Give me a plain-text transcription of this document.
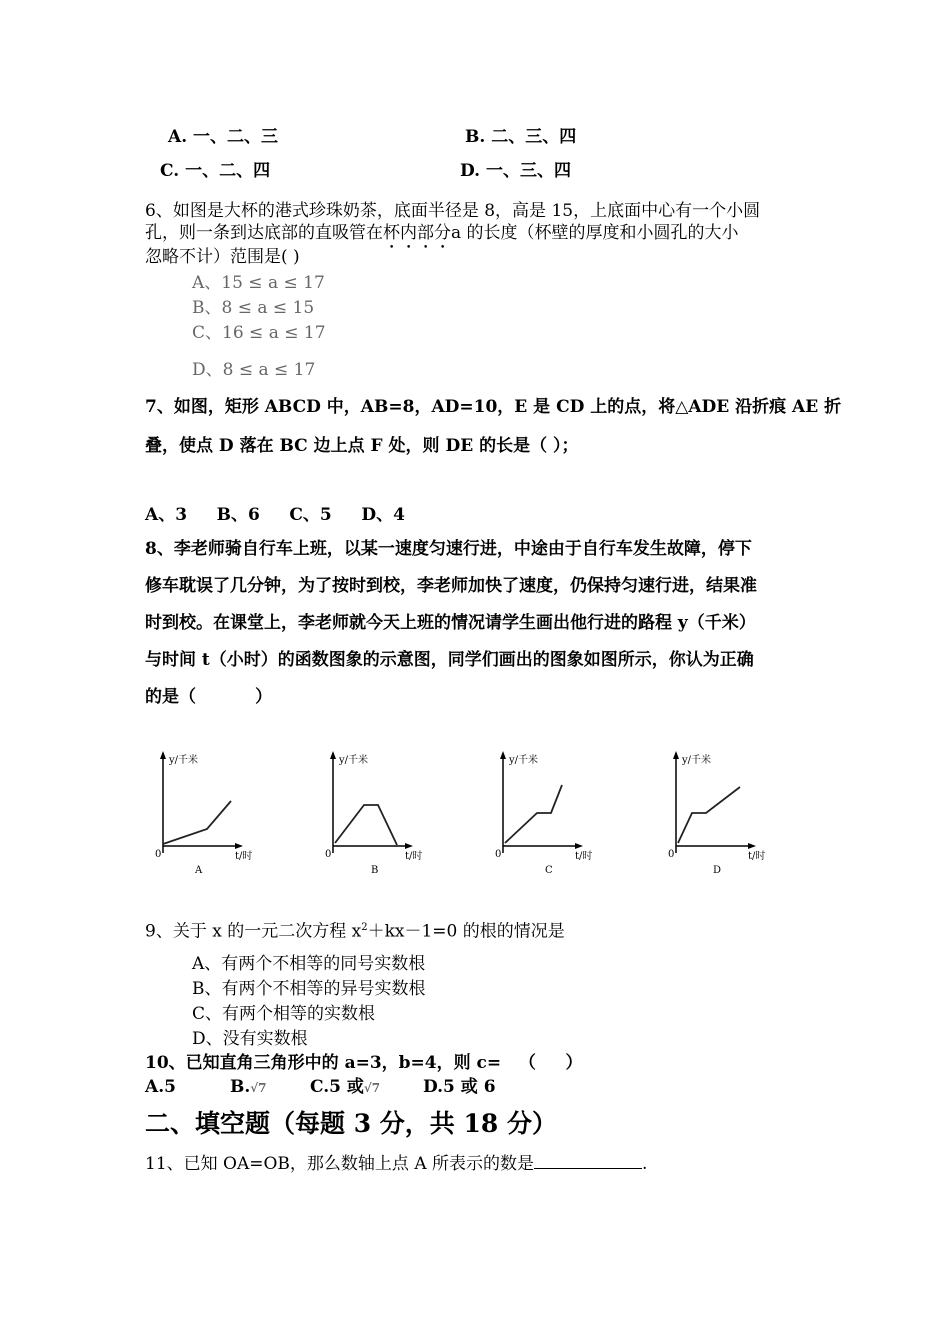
A. 一、二、三	B. 二、三、四
C. 一、二、四	D. 一、三、四
6、如图是大杯的港式珍珠奶茶，底面半径是 8，高是 15，上底面中心有一个小圆
孔，则一条到达底部的直吸管在杯内部分a 的长度（杯壁的厚度和小圆孔的大小
忽略不计）范围是( )
A、15 ≤ a ≤ 17
B、8 ≤ a ≤ 15
C、16 ≤ a ≤ 17
D、8 ≤ a ≤ 17
7、如图，矩形 ABCD 中，AB=8，AD=10，E 是 CD 上的点，将△ADE 沿折痕 AE 折
叠，使点 D 落在 BC 边上点 F 处，则 DE 的长是（ ）；
A、3     B、6     C、5     D、4
8、李老师骑自行车上班，以某一速度匀速行进，中途由于自行车发生故障，停下
修车耽误了几分钟，为了按时到校，李老师加快了速度，仍保持匀速行进，结果准
时到校。在课堂上，李老师就今天上班的情况请学生画出他行进的路程 y（千米）
与时间 t（小时）的函数图象的示意图，同学们画出的图象如图所示，你认为正确
的是（          ）
y/千米
t/时
0
A
y/千米
t/时
0
B
y/千米
t/时
0
C
y/千米
t/时
0
D
9、关于 x 的一元二次方程 $x^2+kx-1=0$ 的根的情况是
A、有两个不相等的同号实数根
B、有两个不相等的异号实数根
C、有两个相等的实数根
D、没有实数根
10、已知直角三角形中的 a=3，b=4，则 c=   （     ）
A.5	B.√7	C.5 或√7	D.5 或 6
二、填空题（每题 3 分，共 18 分）
11、已知 OA=OB，那么数轴上点 A 所表示的数是	.
